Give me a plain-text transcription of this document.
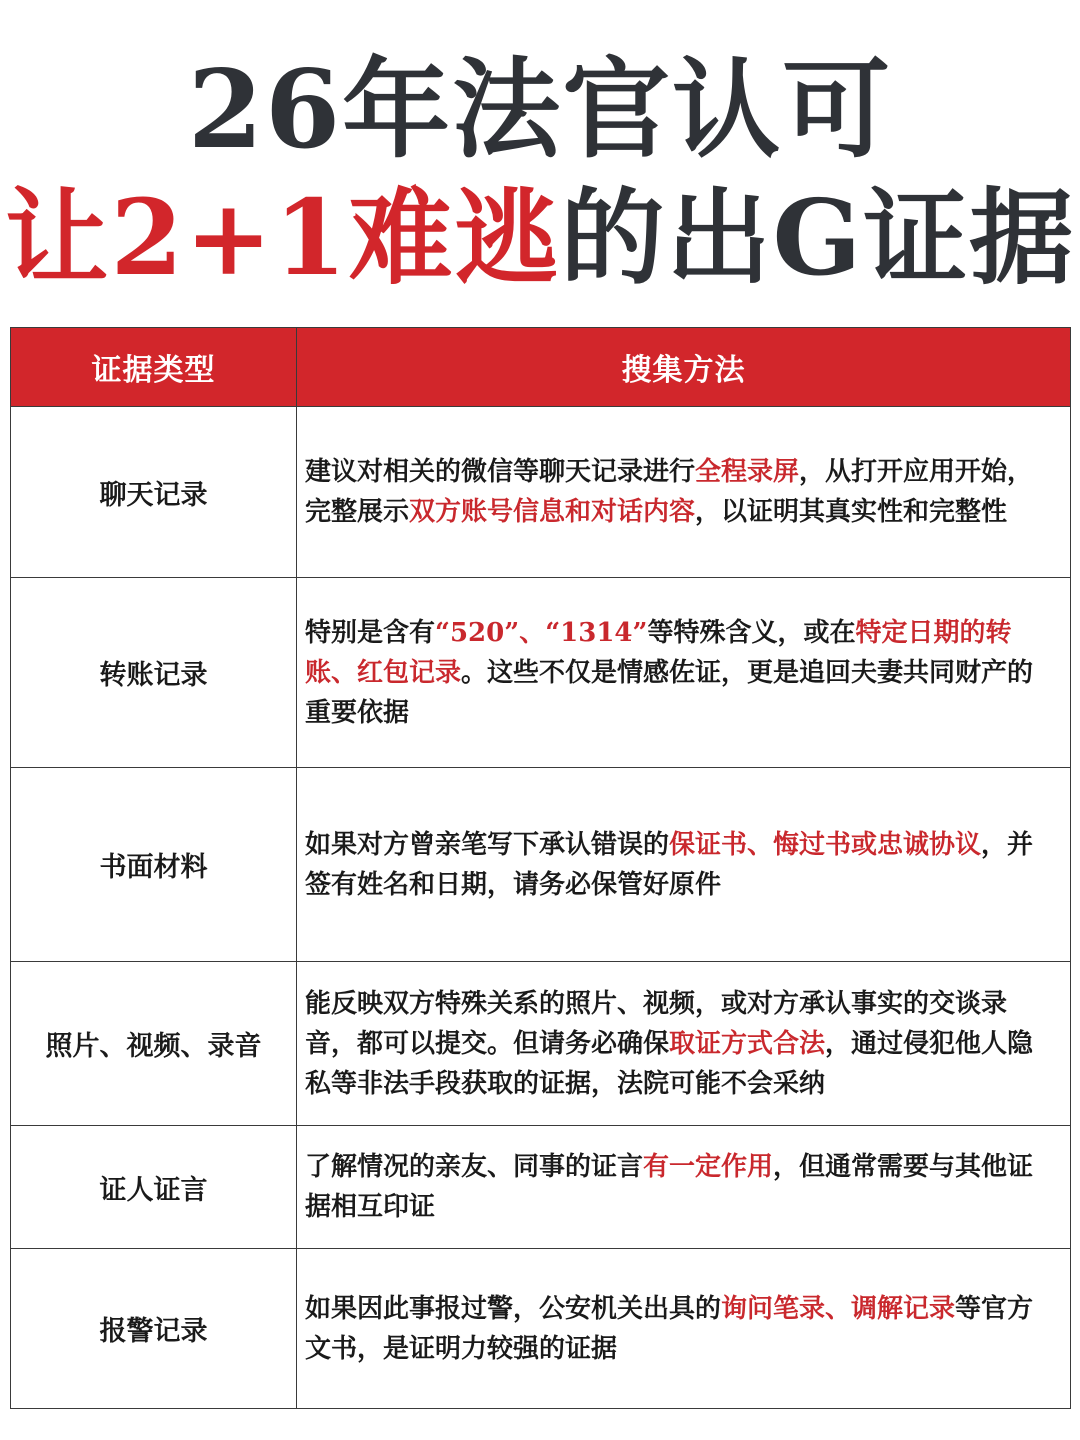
26年法官认可
让2+1难逃的出G证据
证据类型	搜集方法
聊天记录	建议对相关的微信等聊天记录进行全程录屏，从打开应用开始，完整展示双方账号信息和对话内容，以证明其真实性和完整性
转账记录	特别是含有“520”、“1314”等特殊含义，或在特定日期的转账、红包记录。这些不仅是情感佐证，更是追回夫妻共同财产的重要依据
书面材料	如果对方曾亲笔写下承认错误的保证书、悔过书或忠诚协议，并签有姓名和日期，请务必保管好原件
照片、视频、录音	能反映双方特殊关系的照片、视频，或对方承认事实的交谈录音，都可以提交。但请务必确保取证方式合法，通过侵犯他人隐私等非法手段获取的证据，法院可能不会采纳
证人证言	了解情况的亲友、同事的证言有一定作用，但通常需要与其他证据相互印证
报警记录	如果因此事报过警，公安机关出具的询问笔录、调解记录等官方文书，是证明力较强的证据
